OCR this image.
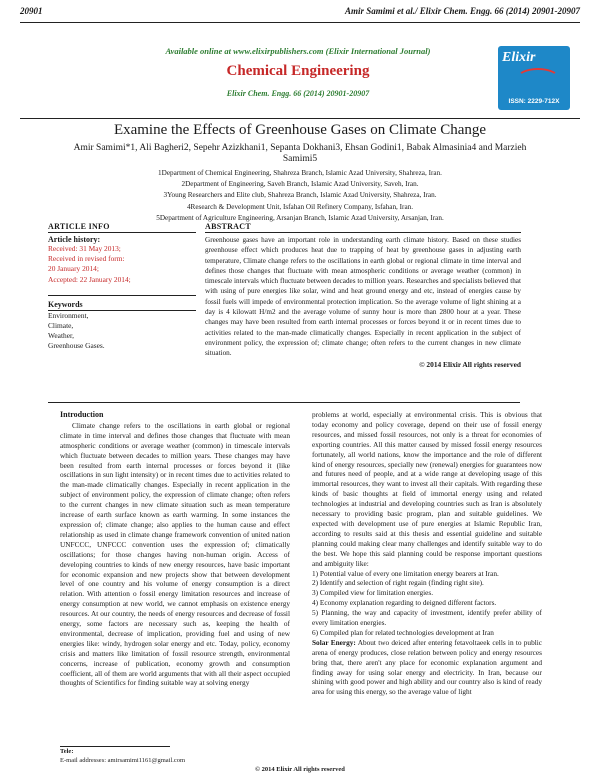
20901	Amir Samimi et al./ Elixir Chem. Engg. 66 (2014) 20901-20907
Available online at www.elixirpublishers.com (Elixir International Journal)
Chemical Engineering
Elixir Chem. Engg. 66 (2014) 20901-20907
Elixir
ISSN: 2229-712X
Examine the Effects of Greenhouse Gases on Climate Change
Amir Samimi*1, Ali Bagheri2, Sepehr Azizkhani1, Sepanta Dokhani3, Ehsan Godini1, Babak Almasinia4 and Marzieh Samimi5
1Department of Chemical Engineering, Shahreza Branch, Islamic Azad University, Shahreza, Iran.
2Department of Engineering, Saveh Branch, Islamic Azad University, Saveh, Iran.
3Young Researchers and Elite club, Shahreza Branch, Islamic Azad University, Shahreza, Iran.
4Research & Development Unit, Isfahan Oil Refinery Company, Isfahan, Iran.
5Department of Agriculture Engineering, Arsanjan Branch, Islamic Azad University, Arsanjan, Iran.
ARTICLE INFO
Article history:
Received: 31 May 2013;
Received in revised form:
20 January 2014;
Accepted: 22 January 2014;
Keywords
Environment,
Climate,
Weather,
Greenhouse Gases.
ABSTRACT
Greenhouse gases have an important role in understanding earth climate history. Based on these studies greenhouse effect which produces heat due to trapping of heat by greenhouse gases in adjusting earth temperature, Climate change refers to the oscillations in earth global or regional climate in time interval and defines those changes that fluctuate with mean atmospheric conditions or average weather (common) in timescale intervals which fluctuate between decades to million years. Researches and specialists believed that with using of pure energies like solar, wind and heat ground energy and etc, instead of energies cause by fossil fuels will impede of environmental protection implication. So the average volume of light shining at a day is 4 kilowatt H/m2 and the average volume of sunny hour is more than 2800 hour at a year. These changes may have been resulted from earth internal processes or forces beyond it or in recent times due to activities related to the man-made climatically changes. Especially in recent application in the subject of environment policy, the expression of; climate change; often refers to the current changes in new climate situation.
© 2014 Elixir All rights reserved
Introduction

Climate change refers to the oscillations in earth global or regional climate in time interval and defines those changes that fluctuate with mean atmospheric conditions or average weather (common) in timescale intervals which fluctuate between decades to million years. These changes may have been resulted from earth internal processes or forces beyond it (like oscillations in sun light intensity) or in recent times due to activities related to the man-made climatically changes. Especially in recent application in the subject of environment policy, the expression of climate change; often refers to the current changes in new climate situation such as mean temperature increase of earth surface known as earth warming. In some instances the expression of; climate change; also applies to the human cause and effect relationship as used in climate change framework convention of united nation UNFCCC, UNFCCC convention uses the expression of; climatically oscillations; for those changes having non-human origin. Access of developing countries to kinds of new energy resources, have basic important for economic expansion and new projects show that between development level of one country and his volume of energy consumption is a direct relation. With attention o fossil energy limitation resources and increase of energy consumption at new world, we cannot emphasis on existence energy resources. At our country, the needs of energy resources and decrease of fossil energy, some factors are necessary such as, keeping the health of environmental, decrease of implication, providing fuel and using of new energies like: windy, hydrogen solar energy and etc. Today, policy, economy crisis and matters like limitation of fossil resource strength, environmental concerns, increase of publication, economy growth and consumption coefficient, all of them are world arguments that with all their aspect occupied thoughts of Scientifics for finding suitable way at solving energy

problems at world, especially at environmental crisis. This is obvious that today economy and policy coverage, depend on their use of fossil energy resources, and missed fossil resources, not only is a threat for economies of exporting countries. All this matter caused by missed fossil energy resources fortunately, all world nations, know the importance and the role of different kind of energy resources, specially new (renewal) energies for guarantees now and futures need of people, and at a wide range at developing usage of this immortal resources, they want to invest all their capitals. With regarding these kinds of basic thoughts at field of immortal energy using and related technologies at industrial and developing countries such as Iran is absolutely necessary to providing basic program, plan and suitable guidelines. We expected with development use of pure energies at Islamic Republic Iran, according to results said at this thesis and essential guideline and suitable planning could making clear many challenges and identify suitable way to do the best. We hope this said planning could be response important questions and ambiguity like:

1) Potential value of every one limitation energy bearers at Iran.

2) Identify and selection of right regain (finding right site).

3) Compiled view for limitation energies.

4) Economy explanation regarding to deigned different factors.

5) Planning, the way and capacity of investment, identify prefer ability of every limitation energies.

6) Compiled plan for related technologies development at Iran

Solar Energy: About two deiced after entering fetavoltaeek cells in to public arena of energy produces, close relation between policy and energy resources bring that, there aren't any place for economic explanation argument and finding away for using solar energy and electricity. In Iran, because our shining with good power and high ability and our country also is kind of ready area for using this energy, so the average value of light

Tele:
E-mail addresses: amirsamimi1161@gmail.com
© 2014 Elixir All rights reserved
